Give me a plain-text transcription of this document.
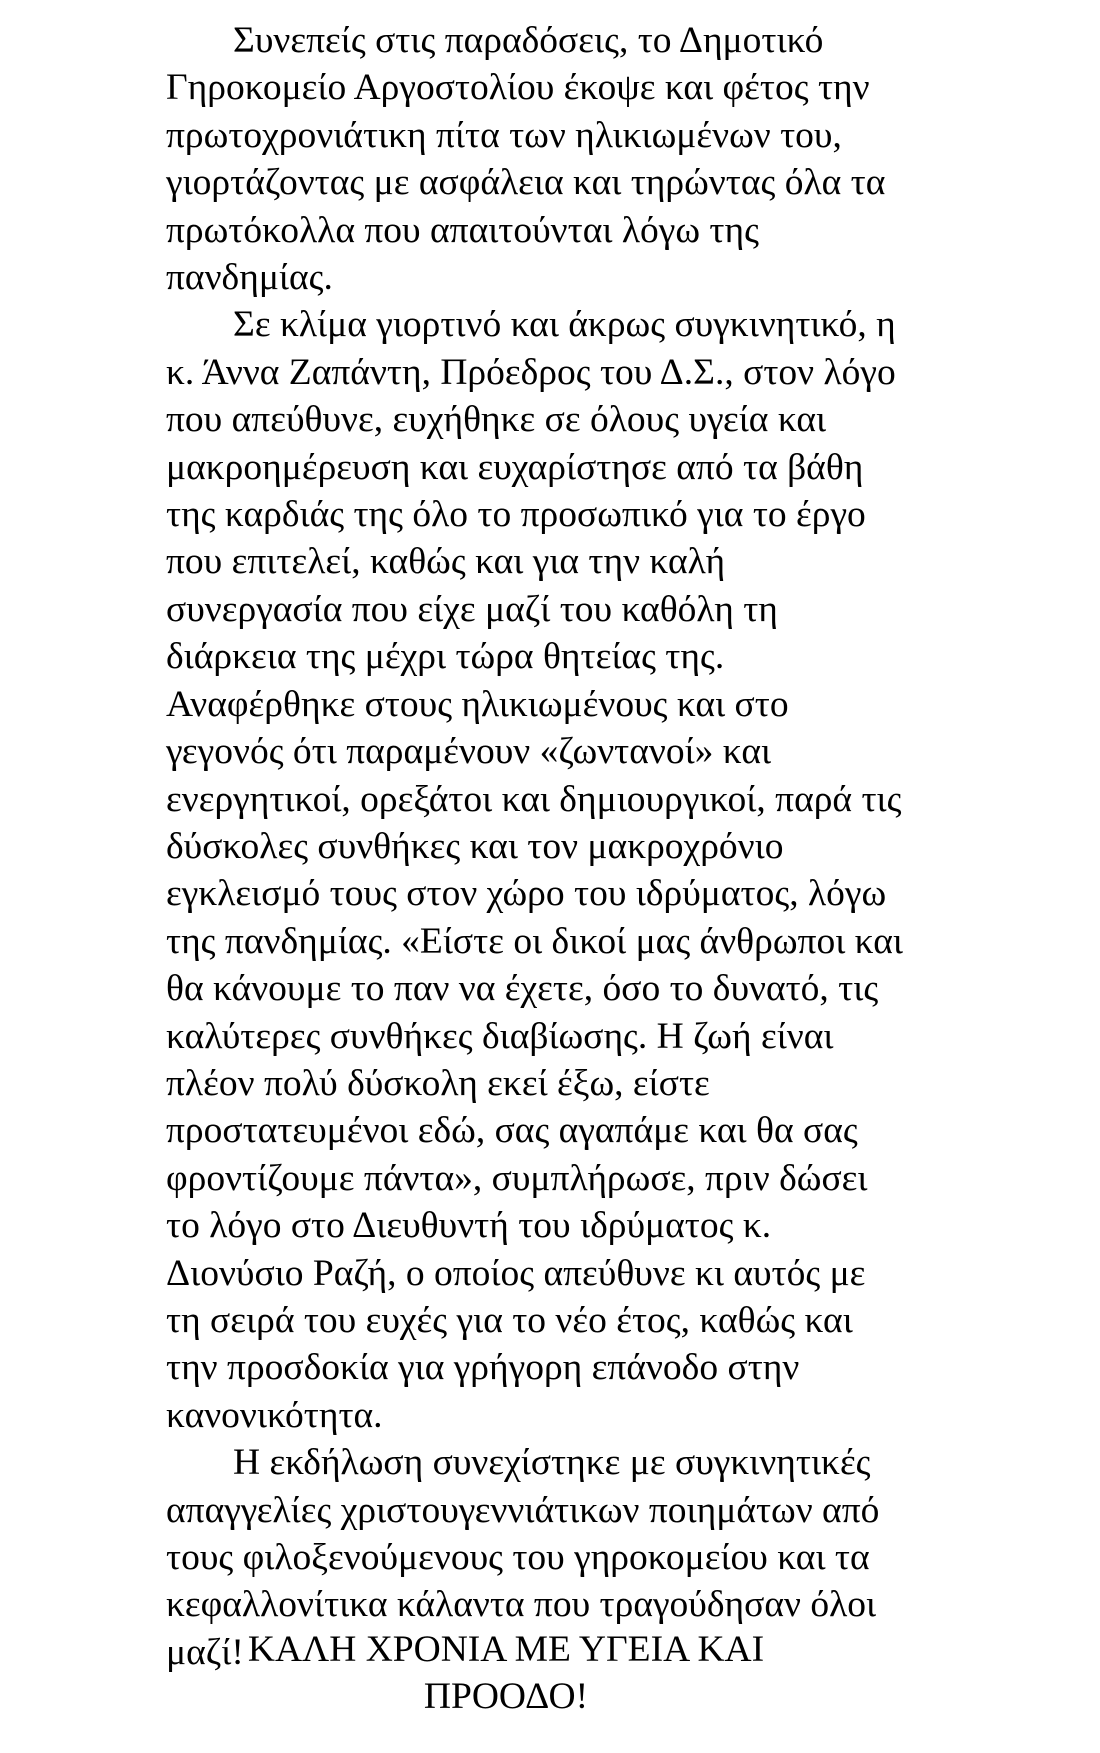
Συνεπείς στις παραδόσεις, το Δημοτικό
Γηροκομείο Αργοστολίου έκοψε και φέτος την
πρωτοχρονιάτικη πίτα των ηλικιωμένων του,
γιορτάζοντας με ασφάλεια και τηρώντας όλα τα
πρωτόκολλα που απαιτούνται λόγω της
πανδημίας.

Σε κλίμα γιορτινό και άκρως συγκινητικό, η
κ. Άννα Ζαπάντη, Πρόεδρος του Δ.Σ., στον λόγο
που απεύθυνε, ευχήθηκε σε όλους υγεία και
μακροημέρευση και ευχαρίστησε από τα βάθη
της καρδιάς της όλο το προσωπικό για το έργο
που επιτελεί, καθώς και για την καλή
συνεργασία που είχε μαζί του καθόλη τη
διάρκεια της μέχρι τώρα θητείας της.
Αναφέρθηκε στους ηλικιωμένους και στο
γεγονός ότι παραμένουν «ζωντανοί» και
ενεργητικοί, ορεξάτοι και δημιουργικοί, παρά τις
δύσκολες συνθήκες και τον μακροχρόνιο
εγκλεισμό τους στον χώρο του ιδρύματος, λόγω
της πανδημίας. «Είστε οι δικοί μας άνθρωποι και
θα κάνουμε το παν να έχετε, όσο το δυνατό, τις
καλύτερες συνθήκες διαβίωσης. Η ζωή είναι
πλέον πολύ δύσκολη εκεί έξω, είστε
προστατευμένοι εδώ, σας αγαπάμε και θα σας
φροντίζουμε πάντα», συμπλήρωσε, πριν δώσει
το λόγο στο Διευθυντή του ιδρύματος κ.
Διονύσιο Ραζή, ο οποίος απεύθυνε κι αυτός με
τη σειρά του ευχές για το νέο έτος, καθώς και
την προσδοκία για γρήγορη επάνοδο στην
κανονικότητα.

Η εκδήλωση συνεχίστηκε με συγκινητικές
απαγγελίες χριστουγεννιάτικων ποιημάτων από
τους φιλοξενούμενους του γηροκομείου και τα
κεφαλλονίτικα κάλαντα που τραγούδησαν όλοι
μαζί! ΚΑΛΗ ΧΡΟΝΙΑ ΜΕ ΥΓΕΙΑ ΚΑΙ
ΠΡΟΟΔΟ!
